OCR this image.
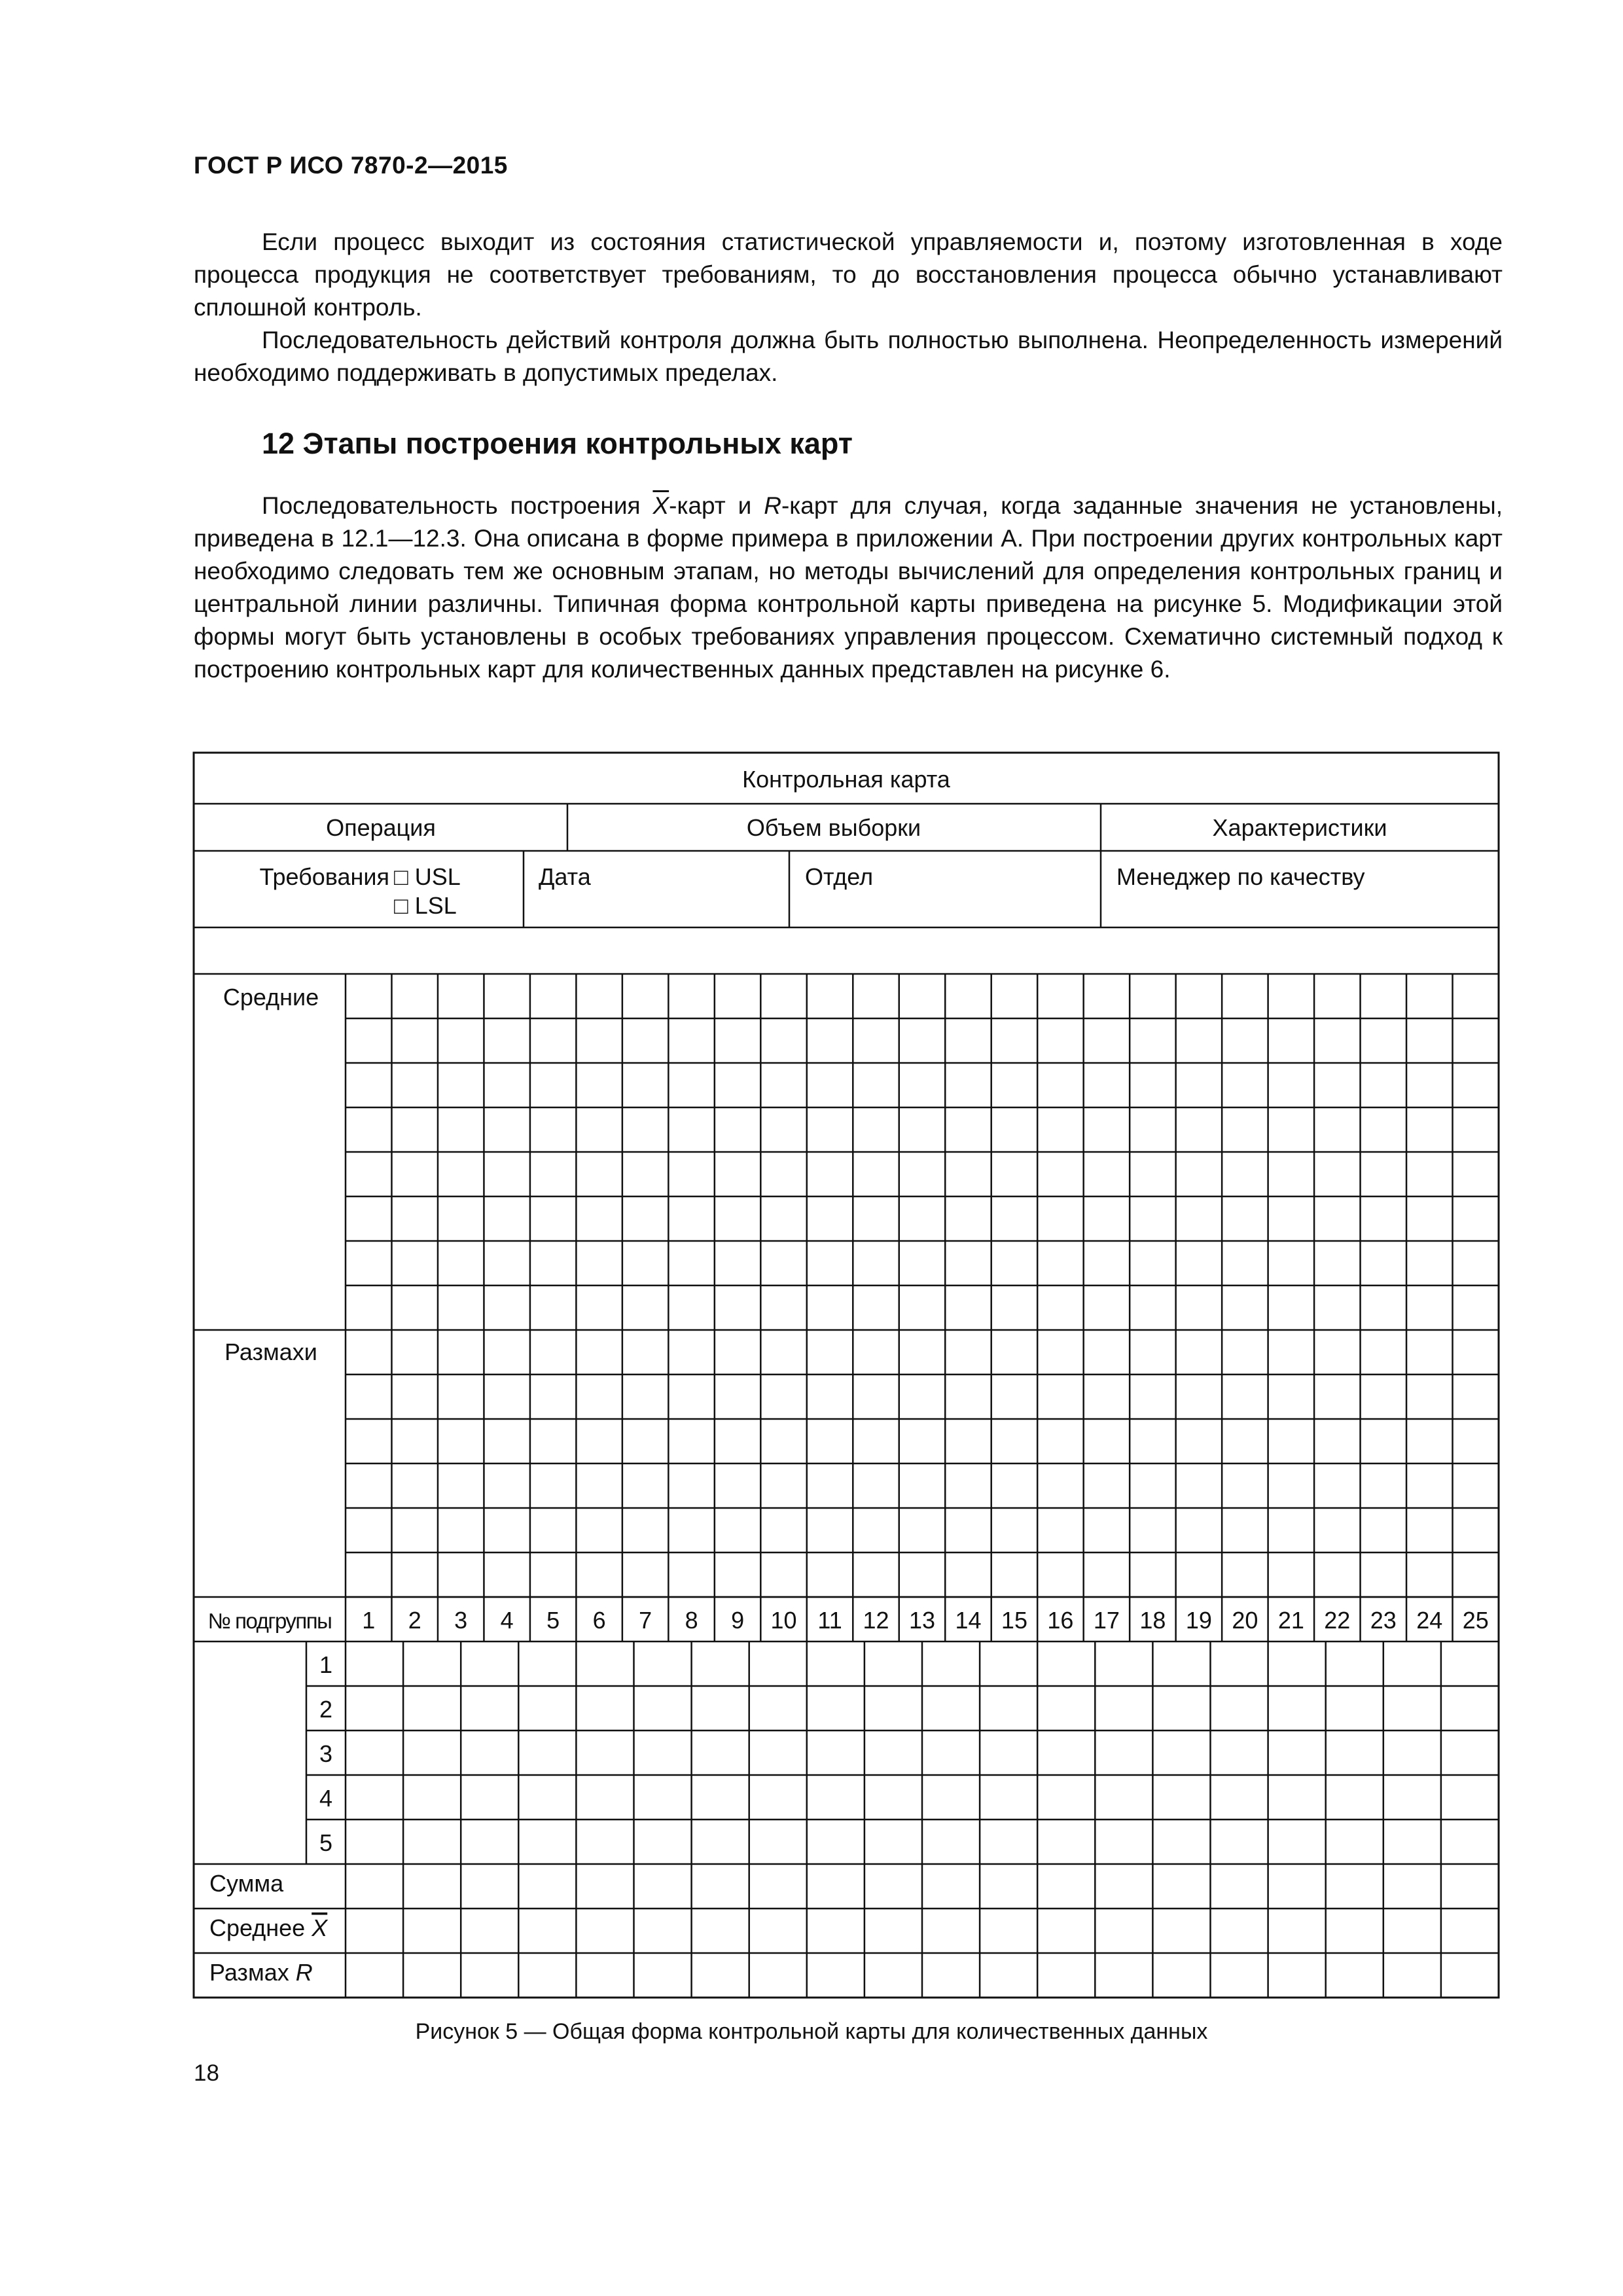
ГОСТ Р ИСО 7870-2—2015

Если процесс выходит из состояния статистической управляемости и, поэтому изготовленная в ходе процесса продукция не соответствует требованиям, то до восстановления процесса обычно устанавливают сплошной контроль.

Последовательность действий контроля должна быть полностью выполнена. Неопределенность измерений необходимо поддерживать в допустимых пределах.

12 Этапы построения контрольных карт

Последовательность построения $\overline{X}$-карт и R-карт для случая, когда заданные значения не установлены, приведена в 12.1—12.3. Она описана в форме примера в приложении А. При построении других контрольных карт необходимо следовать тем же основным этапам, но методы вычислений для определения контрольных границ и центральной линии различны. Типичная форма контрольной карты приведена на рисунке 5. Модификации этой формы могут быть установлены в особых требованиях управления процессом. Схематично системный подход к построению контрольных карт для количественных данных представлен на рисунке 6.

Контрольная карта
Операция	Объем выборки	Характеристики
Требования □ USL
□ LSL
Дата	Отдел	Менеджер по качеству
Средние
Размахи
№ подгруппы 1 2 3 4 5 6 7 8 9 10 11 12 13 14 15 16 17 18 19 20 21 22 23 24 25
1
2
3
4
5
Сумма
Среднее X
Размах R
Рисунок 5 — Общая форма контрольной карты для количественных данных
18
